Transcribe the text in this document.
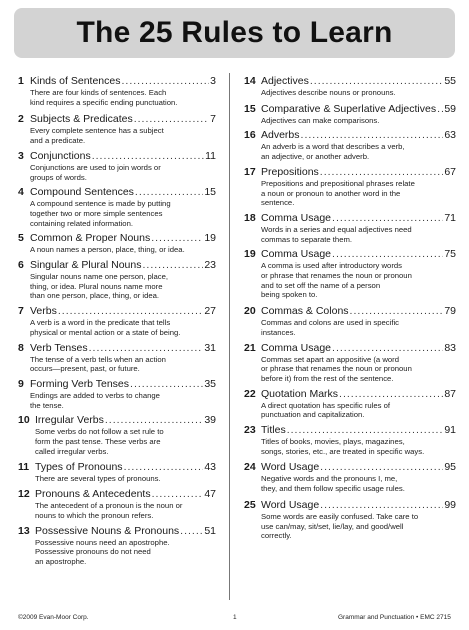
The 25 Rules to Learn
1 Kinds of Sentences .....	3
There are four kinds of sentences. Each
kind requires a specific ending punctuation.
2 Subjects & Predicates .....	7
Every complete sentence has a subject
and a predicate.
3 Conjunctions .....	11
Conjunctions are used to join words or
groups of words.
4 Compound Sentences .....	15
A compound sentence is made by putting
together two or more simple sentences
containing related information.
5 Common & Proper Nouns .....	19
A noun names a person, place, thing, or idea.
6 Singular & Plural Nouns .....	23
Singular nouns name one person, place,
thing, or idea. Plural nouns name more
than one person, place, thing, or idea.
7 Verbs .....	27
A verb is a word in the predicate that tells
physical or mental action or a state of being.
8 Verb Tenses .....	31
The tense of a verb tells when an action
occurs—present, past, or future.
9 Forming Verb Tenses .....	35
Endings are added to verbs to change
the tense.
10 Irregular Verbs .....	39
Some verbs do not follow a set rule to
form the past tense. These verbs are
called irregular verbs.
11 Types of Pronouns .....	43
There are several types of pronouns.
12 Pronouns & Antecedents .....	47
The antecedent of a pronoun is the noun or
nouns to which the pronoun refers.
13 Possessive Nouns & Pronouns ..... 51
Possessive nouns need an apostrophe.
Possessive pronouns do not need
an apostrophe.
14 Adjectives .....	55
Adjectives describe nouns or pronouns.
15 Comparative & Superlative Adjectives ..... 59
Adjectives can make comparisons.
16 Adverbs .....	63
An adverb is a word that describes a verb,
an adjective, or another adverb.
17 Prepositions .....	67
Prepositions and prepositional phrases relate
a noun or pronoun to another word in the
sentence.
18 Comma Usage .....	71
Words in a series and equal adjectives need
commas to separate them.
19 Comma Usage .....	75
A comma is used after introductory words
or phrase that renames the noun or pronoun
and to set off the name of a person
being spoken to.
20 Commas & Colons .....	79
Commas and colons are used in specific
instances.
21 Comma Usage .....	83
Commas set apart an appositive (a word
or phrase that renames the noun or pronoun
before it) from the rest of the sentence.
22 Quotation Marks .....	87
A direct quotation has specific rules of
punctuation and capitalization.
23 Titles .....	91
Titles of books, movies, plays, magazines,
songs, stories, etc., are treated in specific ways.
24 Word Usage .....	95
Negative words and the pronouns I, me,
they, and them follow specific usage rules.
25 Word Usage .....	99
Some words are easily confused. Take care to
use can/may, sit/set, lie/lay, and good/well
correctly.
©2009 Evan-Moor Corp.	1	Grammar and Punctuation • EMC 2715
